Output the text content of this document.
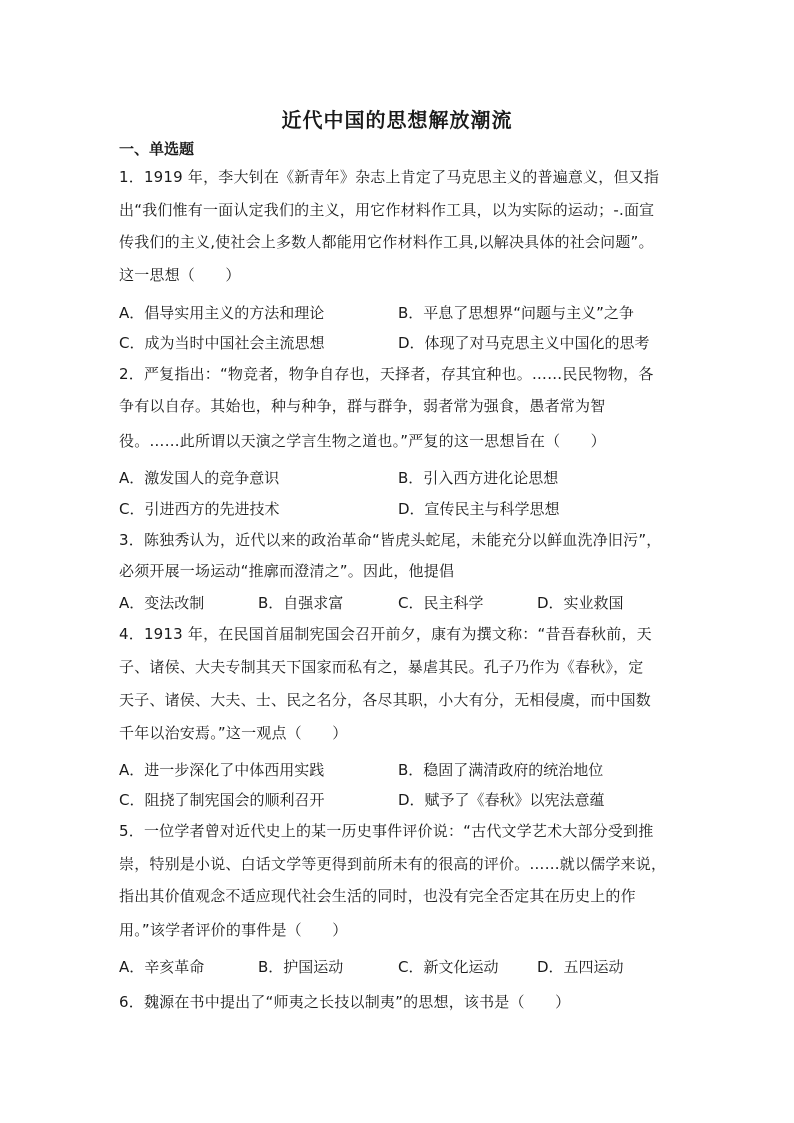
近代中国的思想解放潮流
一、单选题
1．1919 年，李大钊在《新青年》杂志上肯定了马克思主义的普遍意义，但又指
出“我们惟有一面认定我们的主义，用它作材料作工具，以为实际的运动；-.面宣
传我们的主义,使社会上多数人都能用它作材料作工具,以解决具体的社会问题”。
这一思想（　　）
A．倡导实用主义的方法和理论	B．平息了思想界“问题与主义”之争
C．成为当时中国社会主流思想	D．体现了对马克思主义中国化的思考
2．严复指出：“物竞者，物争自存也，天择者，存其宜种也。……民民物物，各
争有以自存。其始也，种与种争，群与群争，弱者常为强食，愚者常为智
役。……此所谓以天演之学言生物之道也。”严复的这一思想旨在（　　）
A．激发国人的竞争意识	B．引入西方进化论思想
C．引进西方的先进技术	D．宣传民主与科学思想
3．陈独秀认为，近代以来的政治革命“皆虎头蛇尾，未能充分以鲜血洗净旧污”，
必须开展一场运动“推廓而澄清之”。因此，他提倡
A．变法改制	B．自强求富	C．民主科学	D．实业救国
4．1913 年，在民国首届制宪国会召开前夕，康有为撰文称：“昔吾春秋前，天
子、诸侯、大夫专制其天下国家而私有之，暴虐其民。孔子乃作为《春秋》，定
天子、诸侯、大夫、士、民之名分，各尽其职，小大有分，无相侵虞，而中国数
千年以治安焉。”这一观点（　　）
A．进一步深化了中体西用实践	B．稳固了满清政府的统治地位
C．阻挠了制宪国会的顺利召开	D．赋予了《春秋》以宪法意蕴
5．一位学者曾对近代史上的某一历史事件评价说：“古代文学艺术大部分受到推
崇，特别是小说、白话文学等更得到前所未有的很高的评价。……就以儒学来说，
指出其价值观念不适应现代社会生活的同时，也没有完全否定其在历史上的作
用。”该学者评价的事件是（　　）
A．辛亥革命	B．护国运动	C．新文化运动	D．五四运动
6．魏源在书中提出了“师夷之长技以制夷”的思想，该书是（　　）
